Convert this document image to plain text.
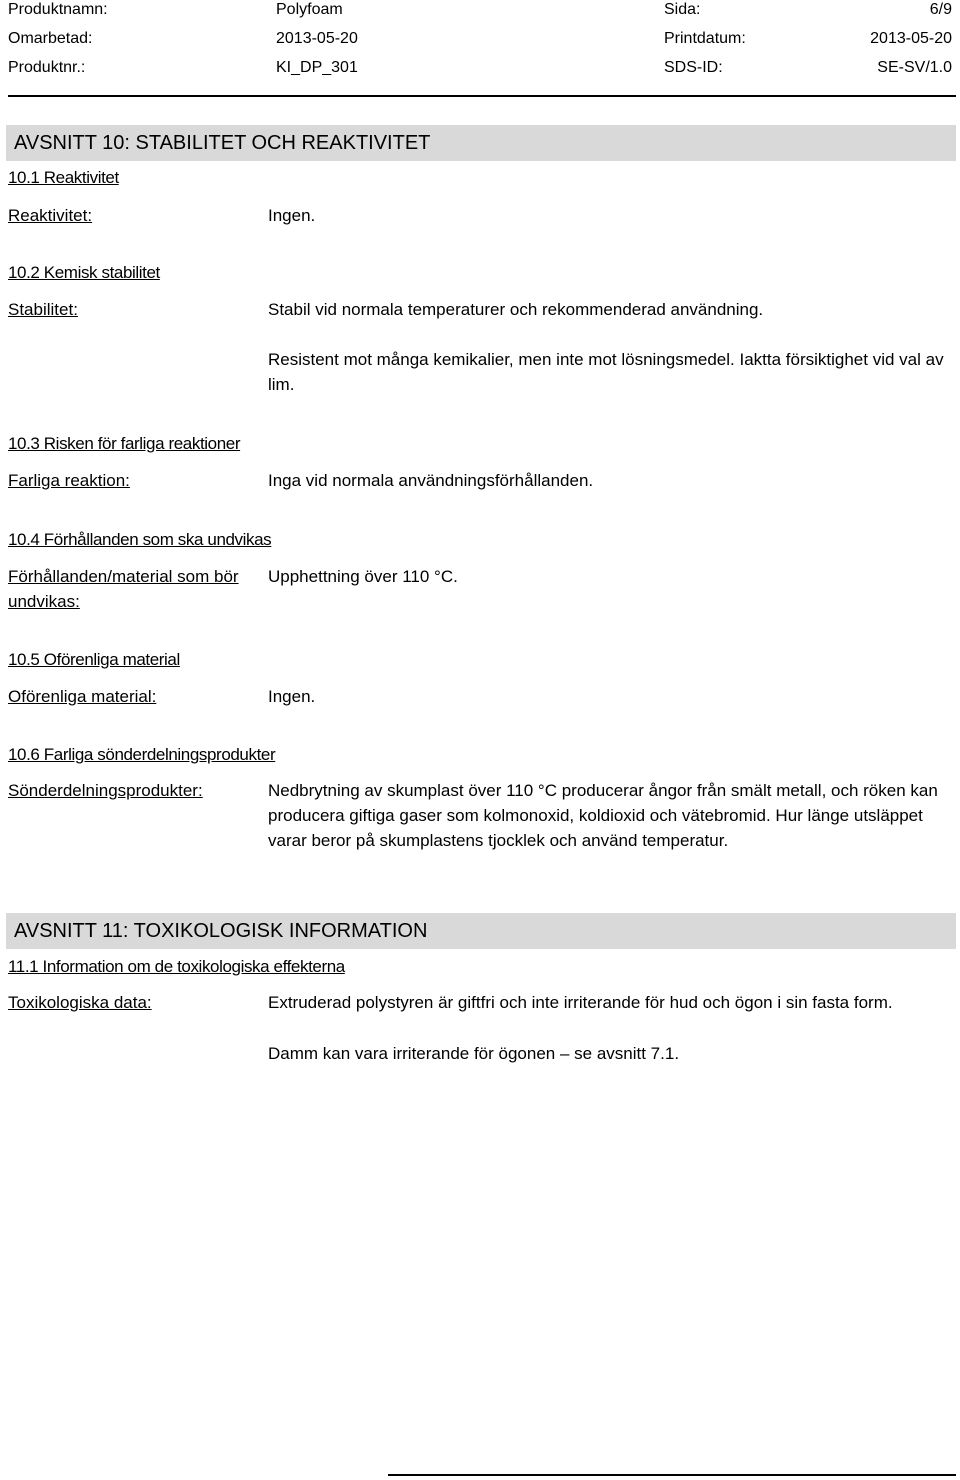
Produktnamn:	Polyfoam	Sida:	6/9
Omarbetad:	2013-05-20	Printdatum:	2013-05-20
Produktnr.:	KI_DP_301	SDS-ID:	SE-SV/1.0
AVSNITT 10: STABILITET OCH REAKTIVITET
10.1 Reaktivitet
Reaktivitet:	Ingen.
10.2 Kemisk stabilitet
Stabilitet:	Stabil vid normala temperaturer och rekommenderad användning.
Resistent mot många kemikalier, men inte mot lösningsmedel. Iaktta försiktighet vid val av lim.
10.3 Risken för farliga reaktioner
Farliga reaktion:	Inga vid normala användningsförhållanden.
10.4 Förhållanden som ska undvikas
Förhållanden/material som bör undvikas:
Upphettning över 110 °C.
10.5 Oförenliga material
Oförenliga material:	Ingen.
10.6 Farliga sönderdelningsprodukter
Sönderdelningsprodukter:	Nedbrytning av skumplast över 110 °C producerar ångor från smält metall, och röken kan producera giftiga gaser som kolmonoxid, koldioxid och vätebromid. Hur länge utsläppet varar beror på skumplastens tjocklek och använd temperatur.
AVSNITT 11: TOXIKOLOGISK INFORMATION
11.1 Information om de toxikologiska effekterna
Toxikologiska data:	Extruderad polystyren är giftfri och inte irriterande för hud och ögon i sin fasta form.
Damm kan vara irriterande för ögonen – se avsnitt 7.1.
